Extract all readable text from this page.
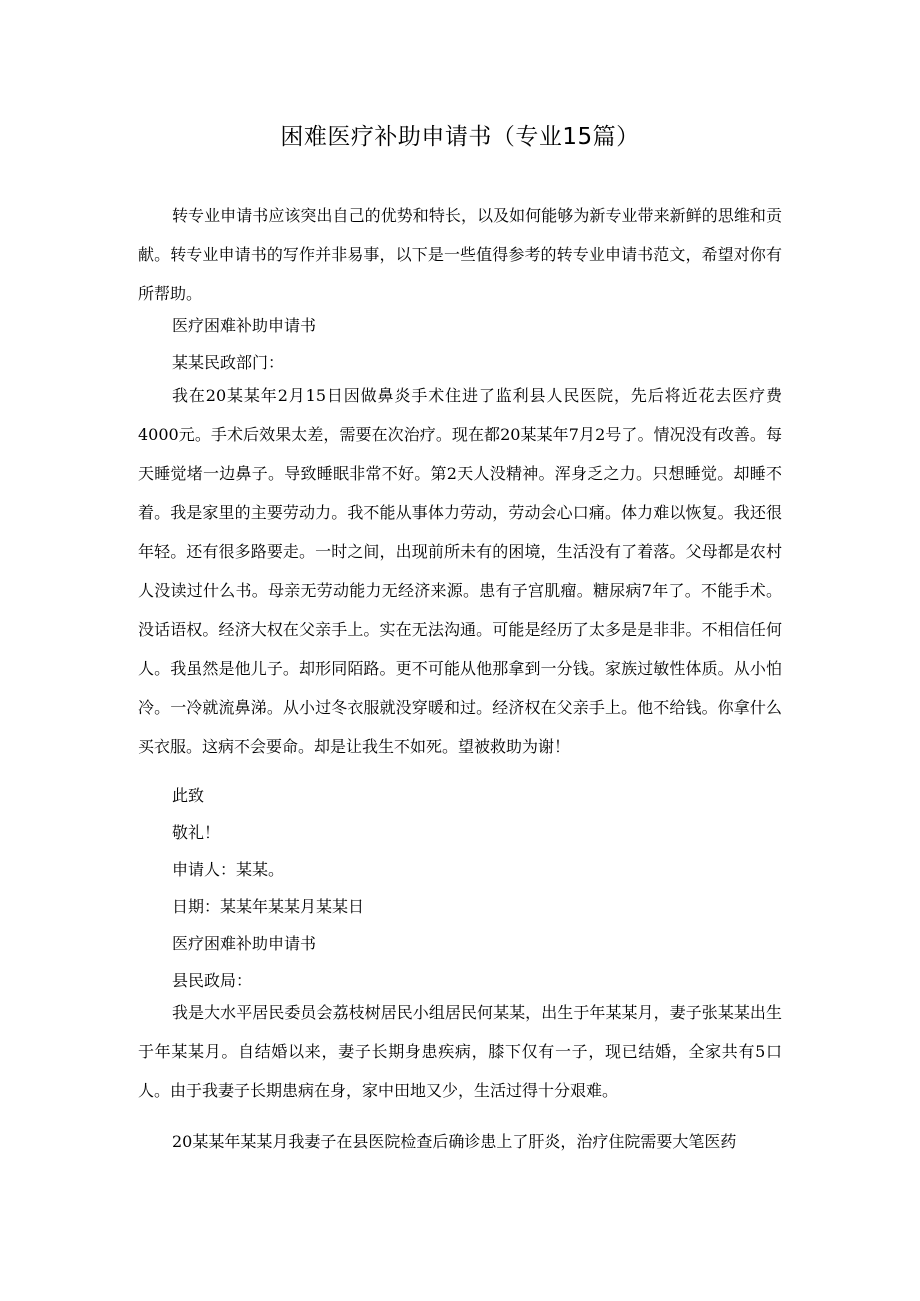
困难医疗补助申请书（专业15篇）

转专业申请书应该突出自己的优势和特长，以及如何能够为新专业带来新鲜的思维和贡献。转专业申请书的写作并非易事，以下是一些值得参考的转专业申请书范文，希望对你有所帮助。

医疗困难补助申请书
某某民政部门：

我在20某某年2月15日因做鼻炎手术住进了监利县人民医院，先后将近花去医疗费4000元。手术后效果太差，需要在次治疗。现在都20某某年7月2号了。情况没有改善。每天睡觉堵一边鼻子。导致睡眠非常不好。第2天人没精神。浑身乏之力。只想睡觉。却睡不着。我是家里的主要劳动力。我不能从事体力劳动，劳动会心口痛。体力难以恢复。我还很年轻。还有很多路要走。一时之间，出现前所未有的困境，生活没有了着落。父母都是农村人没读过什么书。母亲无劳动能力无经济来源。患有子宫肌瘤。糖尿病7年了。不能手术。没话语权。经济大权在父亲手上。实在无法沟通。可能是经历了太多是是非非。不相信任何人。我虽然是他儿子。却形同陌路。更不可能从他那拿到一分钱。家族过敏性体质。从小怕冷。一冷就流鼻涕。从小过冬衣服就没穿暖和过。经济权在父亲手上。他不给钱。你拿什么买衣服。这病不会要命。却是让我生不如死。望被救助为谢！

此致
敬礼！
申请人：某某。
日期：某某年某某月某某日
医疗困难补助申请书
县民政局：

我是大水平居民委员会荔枝树居民小组居民何某某，出生于年某某月，妻子张某某出生于年某某月。自结婚以来，妻子长期身患疾病，膝下仅有一子，现已结婚，全家共有5口人。由于我妻子长期患病在身，家中田地又少，生活过得十分艰难。

20某某年某某月我妻子在县医院检查后确诊患上了肝炎，治疗住院需要大笔医药
